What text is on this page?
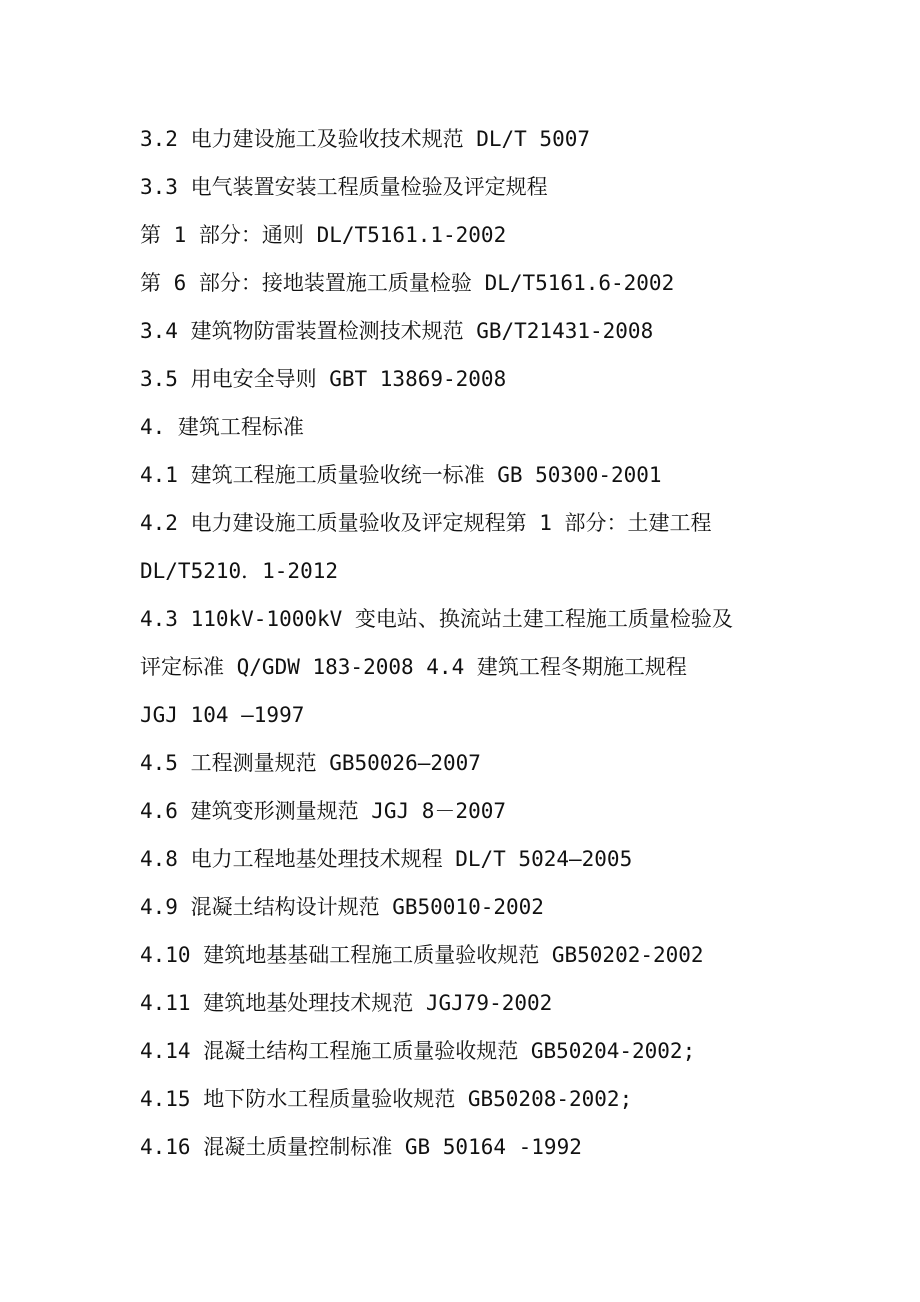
3.2 电力建设施工及验收技术规范 DL/T 5007
3.3 电气装置安装工程质量检验及评定规程
第 1 部分：通则 DL/T5161.1-2002
第 6 部分：接地装置施工质量检验 DL/T5161.6-2002
3.4 建筑物防雷装置检测技术规范 GB/T21431-2008
3.5 用电安全导则 GBT 13869-2008
4. 建筑工程标准
4.1 建筑工程施工质量验收统一标准 GB 50300-2001
4.2 电力建设施工质量验收及评定规程第 1 部分：土建工程
DL/T5210．1-2012
4.3 110kV-1000kV 变电站、换流站土建工程施工质量检验及
评定标准 Q/GDW 183-2008 4.4 建筑工程冬期施工规程
JGJ 104 —1997
4.5 工程测量规范 GB50026—2007
4.6 建筑变形测量规范 JGJ 8－2007
4.8 电力工程地基处理技术规程 DL/T 5024—2005
4.9 混凝土结构设计规范 GB50010-2002
4.10 建筑地基基础工程施工质量验收规范 GB50202-2002
4.11 建筑地基处理技术规范 JGJ79-2002
4.14 混凝土结构工程施工质量验收规范 GB50204-2002;
4.15 地下防水工程质量验收规范 GB50208-2002;
4.16 混凝土质量控制标准 GB 50164 -1992
